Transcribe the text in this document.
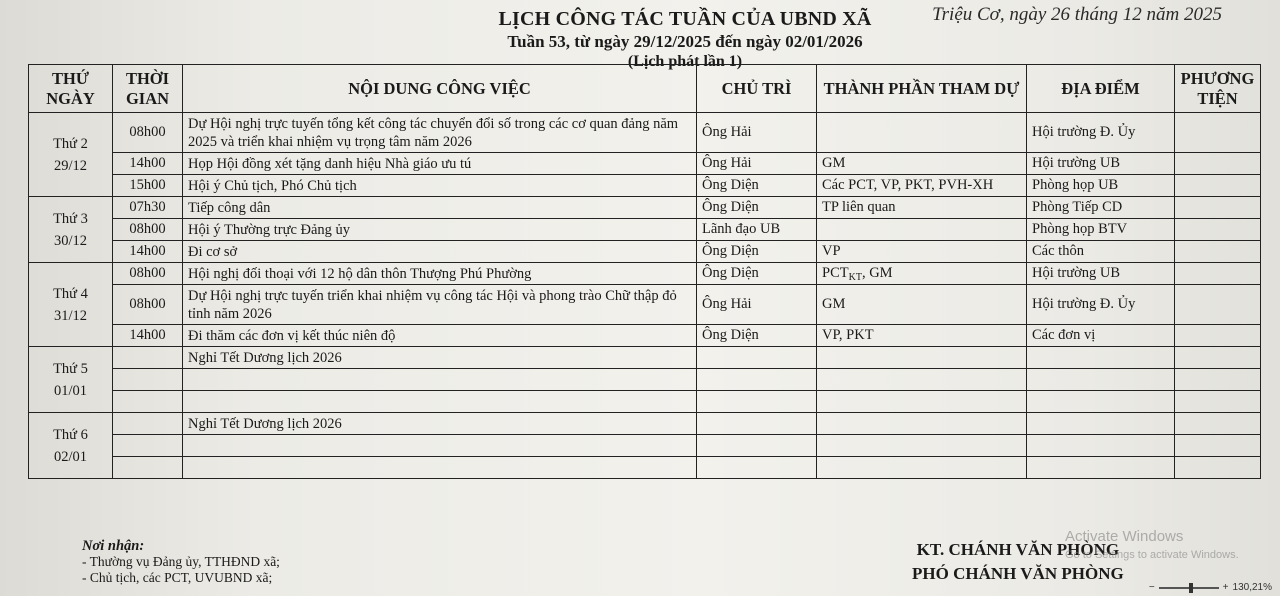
Triệu Cơ, ngày 26 tháng 12 năm 2025
LỊCH CÔNG TÁC TUẦN CỦA UBND XÃ
Tuần 53, từ ngày 29/12/2025 đến ngày 02/01/2026
(Lịch phát lần 1)
THỨ NGÀY	THỜI GIAN	NỘI DUNG CÔNG VIỆC	CHỦ TRÌ	THÀNH PHẦN THAM DỰ	ĐỊA ĐIỂM	PHƯƠNG TIỆN

Thứ 2
29/12	08h00	Dự Hội nghị trực tuyến tổng kết công tác chuyển đổi số trong các cơ quan đảng năm 2025 và triển khai nhiệm vụ trọng tâm năm 2026	Ông Hải		Hội trường Đ. Ủy	
	14h00	Họp Hội đồng xét tặng danh hiệu Nhà giáo ưu tú	Ông Hải	GM	Hội trường UB	
	15h00	Hội ý Chủ tịch, Phó Chủ tịch	Ông Diện	Các PCT, VP, PKT, PVH-XH	Phòng họp UB	

Thứ 3
30/12	07h30	Tiếp công dân	Ông Diện	TP liên quan	Phòng Tiếp CD	
	08h00	Hội ý Thường trực Đảng ủy	Lãnh đạo UB		Phòng họp BTV	
	14h00	Đi cơ sở	Ông Diện	VP	Các thôn	

Thứ 4
31/12	08h00	Hội nghị đối thoại với 12 hộ dân thôn Thượng Phú Phường	Ông Diện	$PCT_{KT}$, GM	Hội trường UB	
	08h00	Dự Hội nghị trực tuyến triển khai nhiệm vụ công tác Hội và phong trào Chữ thập đỏ tỉnh năm 2026	Ông Hải	GM	Hội trường Đ. Ủy	
	14h00	Đi thăm các đơn vị kết thúc niên độ	Ông Diện	VP, PKT	Các đơn vị	

Thứ 5
01/01		Nghỉ Tết Dương lịch 2026				

Thứ 6
02/01		Nghỉ Tết Dương lịch 2026				

Nơi nhận:
- Thường vụ Đảng ủy, TTHĐND xã;
- Chủ tịch, các PCT, UVUBND xã;
KT. CHÁNH VĂN PHÒNG
PHÓ CHÁNH VĂN PHÒNG
Activate Windows
Go to Settings to activate Windows.
−	+ 130,21%
